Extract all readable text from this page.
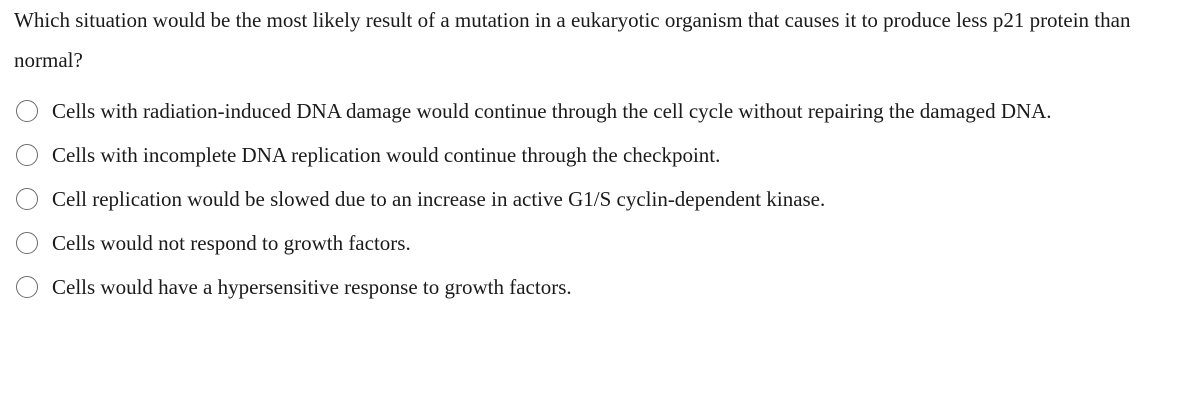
Which situation would be the most likely result of a mutation in a eukaryotic organism that causes it to produce less p21 protein than normal?

Cells with radiation-induced DNA damage would continue through the cell cycle without repairing the damaged DNA.
Cells with incomplete DNA replication would continue through the checkpoint.
Cell replication would be slowed due to an increase in active G1/S cyclin-dependent kinase.
Cells would not respond to growth factors.
Cells would have a hypersensitive response to growth factors.
